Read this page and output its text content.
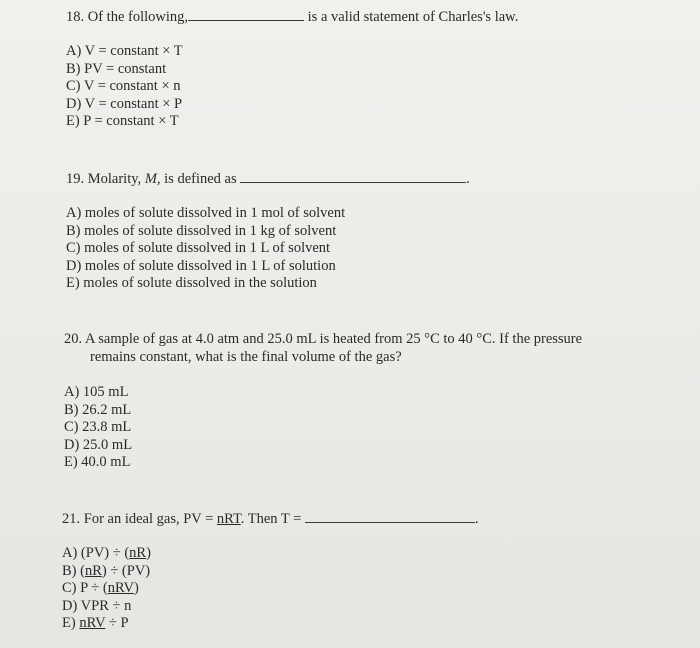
18. Of the following,	is a valid statement of Charles's law.
A) V = constant × T
B) PV = constant
C) V = constant × n
D) V = constant × P
E) P = constant × T
19. Molarity, M, is defined as	.
A) moles of solute dissolved in 1 mol of solvent
B) moles of solute dissolved in 1 kg of solvent
C) moles of solute dissolved in 1 L of solvent
D) moles of solute dissolved in 1 L of solution
E) moles of solute dissolved in the solution
20. A sample of gas at 4.0 atm and 25.0 mL is heated from 25 °C to 40 °C. If the pressure
remains constant, what is the final volume of the gas?
A) 105 mL
B) 26.2 mL
C) 23.8 mL
D) 25.0 mL
E) 40.0 mL
21. For an ideal gas, PV = nRT. Then T =	.
A) (PV) ÷ (nR)
B) (nR) ÷ (PV)
C) P ÷ (nRV)
D) VPR ÷ n
E) nRV ÷ P
